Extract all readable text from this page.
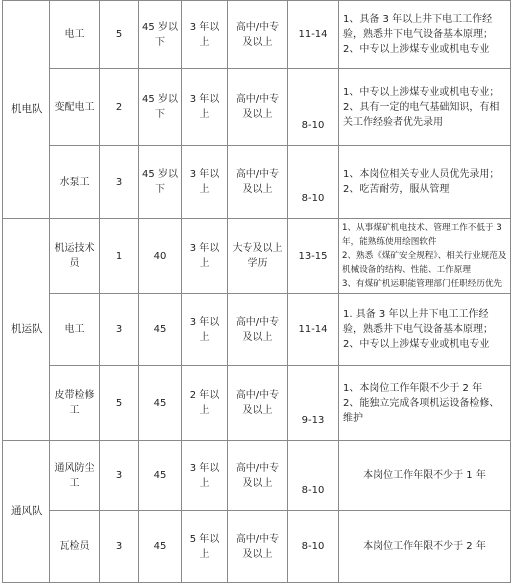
机电队	电工	5	45 岁以下	3 年以上	高中/中专及以上	11-14	1、具备 3 年以上井下电工工作经验，熟悉井下电气设备基本原理；
2、中专以上涉煤专业或机电专业

	变配电工	2	45 岁以下	3 年以上	高中/中专及以上	8-10	1、中专以上涉煤专业或机电专业；
2、具有一定的电气基础知识，有相关工作经验者优先录用

	水泵工	3	45 岁以下	3 年以上	高中/中专及以上	8-10	1、本岗位相关专业人员优先录用；
2、吃苦耐劳，服从管理

机运队	机运技术员	1	40	3 年以上	大专及以上学历	13-15	1、从事煤矿机电技术、管理工作不低于 3 年，能熟练使用绘图软件
2、熟悉《煤矿安全规程》、相关行业规范及机械设备的结构、性能、工作原理
3、有煤矿机运职能管理部门任职经历优先

	电工	3	45	3 年以上	高中/中专及以上	11-14	1. 具备 3 年以上井下电工工作经验，熟悉井下电气设备基本原理；
2、中专以上涉煤专业或机电专业

	皮带检修工	5	45	2 年以上	高中/中专及以上	9-13	1、本岗位工作年限不少于 2 年
2、能独立完成各项机运设备检修、维护

通风队	通风防尘工	3	45	3 年以上	高中/中专及以上	8-10	本岗位工作年限不少于 1 年

	瓦检员	3	45	5 年以上	高中/中专及以上	8-10	本岗位工作年限不少于 2 年
